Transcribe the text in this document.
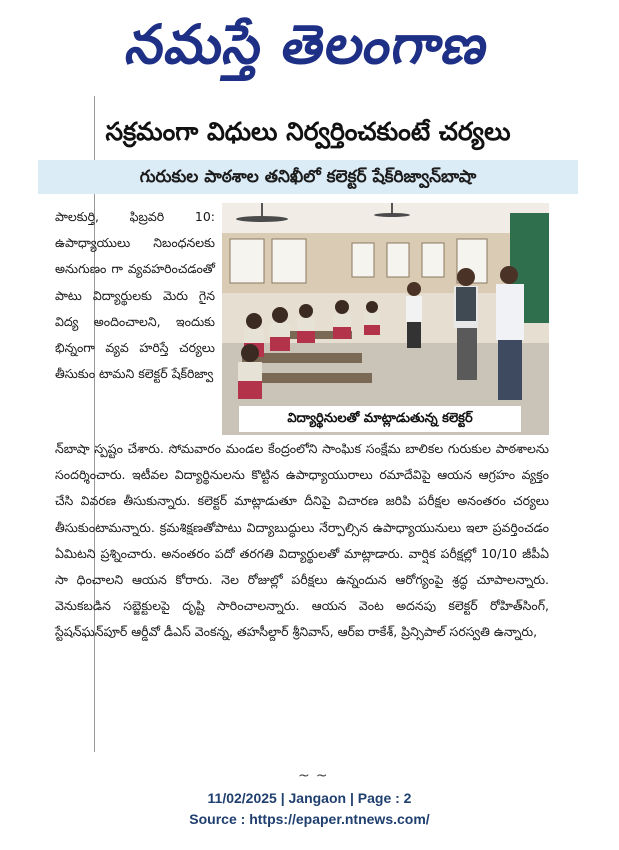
నమస్తే తెలంగాణ
సక్రమంగా విధులు నిర్వర్తించకుంటే చర్యలు
గురుకుల పాఠశాల తనిఖీలో కలెక్టర్ షేక్‌రిజ్వాన్‌బాషా

పాలకుర్తి, ఫిబ్రవరి 10: ఉపాధ్యాయులు నిబంధనలకు అనుగుణం గా వ్యవహరించడంతో పాటు విద్యార్థులకు మెరు గైన విద్య అందించాలని, ఇందుకు భిన్నంగా వ్యవ హరిస్తే చర్యలు తీసుకుం టామని కలెక్టర్ షేక్‌రిజ్వా

విద్యార్థినులతో మాట్లాడుతున్న కలెక్టర్

న్‌బాషా స్పష్టం చేశారు. సోమవారం మండల కేంద్రంలోని సాంఘిక సంక్షేమ బాలికల గురుకుల పాఠశాలను సందర్శించారు. ఇటీవల విద్యార్థినులను కొట్టిన ఉపాధ్యాయురాలు రమాదేవిపై ఆయన ఆగ్రహం వ్యక్తం చేసి వివరణ తీసుకున్నారు. కలెక్టర్ మాట్లాడుతూ దీనిపై విచారణ జరిపి పరీక్షల అనంతరం చర్యలు తీసుకుంటామన్నారు. క్రమశిక్షణతోపాటు విద్యాబుద్ధులు నేర్పాల్సిన ఉపాధ్యాయునులు ఇలా ప్రవర్తించడం ఏమిటని ప్రశ్నించారు. అనంతరం పదో తరగతి విద్యార్థులతో మాట్లాడారు. వార్షిక పరీక్షల్లో 10/10 జీపీఏ సా ధించాలని ఆయన కోరారు. నెల రోజుల్లో పరీక్షలు ఉన్నందున ఆరోగ్యంపై శ్రద్ధ చూపాలన్నారు. వెనుకబడిన సబ్జెక్టులపై దృష్టి సారించాలన్నారు. ఆయన వెంట అదనపు కలెక్టర్ రోహిత్‌సింగ్, స్టేషన్‌ఘన్‌పూర్ ఆర్డీవో డీఎస్ వెంకన్న, తహసీల్దార్ శ్రీనివాస్, ఆర్‌ఐ రాకేశ్, ప్రిన్సిపాల్ సరస్వతి ఉన్నారు,

~~
11/02/2025 | Jangaon | Page : 2
Source : https://epaper.ntnews.com/
